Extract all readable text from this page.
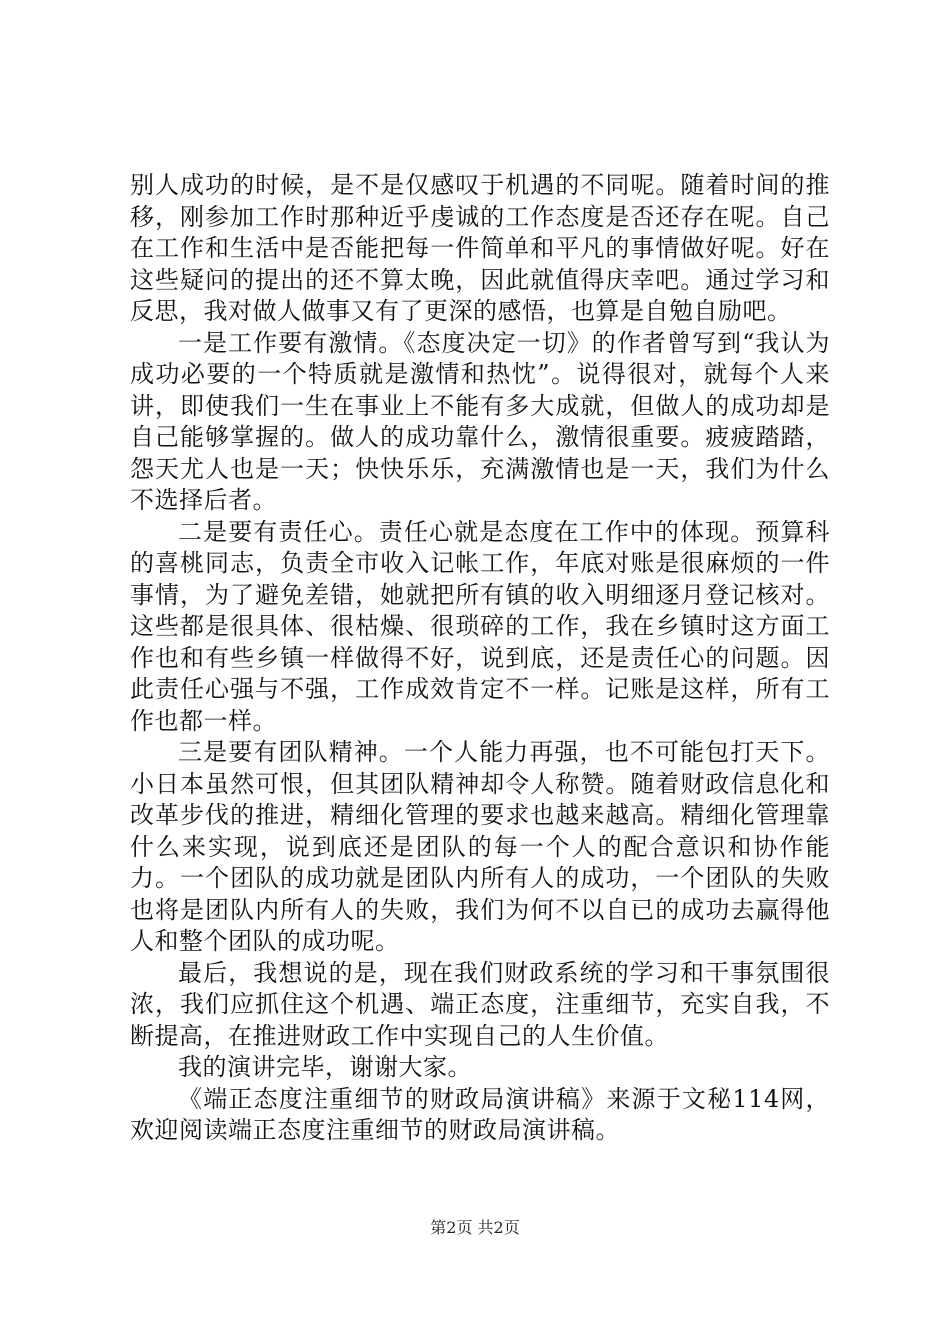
别人成功的时候，是不是仅感叹于机遇的不同呢。随着时间的推移，刚参加工作时那种近乎虔诚的工作态度是否还存在呢。自己在工作和生活中是否能把每一件简单和平凡的事情做好呢。好在这些疑问的提出的还不算太晚，因此就值得庆幸吧。通过学习和反思，我对做人做事又有了更深的感悟，也算是自勉自励吧。

一是工作要有激情。《态度决定一切》的作者曾写到“我认为成功必要的一个特质就是激情和热忱”。说得很对，就每个人来讲，即使我们一生在事业上不能有多大成就，但做人的成功却是自己能够掌握的。做人的成功靠什么，激情很重要。疲疲踏踏，怨天尤人也是一天；快快乐乐，充满激情也是一天，我们为什么不选择后者。

二是要有责任心。责任心就是态度在工作中的体现。预算科的喜桃同志，负责全市收入记帐工作，年底对账是很麻烦的一件事情，为了避免差错，她就把所有镇的收入明细逐月登记核对。这些都是很具体、很枯燥、很琐碎的工作，我在乡镇时这方面工作也和有些乡镇一样做得不好，说到底，还是责任心的问题。因此责任心强与不强，工作成效肯定不一样。记账是这样，所有工作也都一样。

三是要有团队精神。一个人能力再强，也不可能包打天下。小日本虽然可恨，但其团队精神却令人称赞。随着财政信息化和改革步伐的推进，精细化管理的要求也越来越高。精细化管理靠什么来实现，说到底还是团队的每一个人的配合意识和协作能力。一个团队的成功就是团队内所有人的成功，一个团队的失败也将是团队内所有人的失败，我们为何不以自已的成功去赢得他人和整个团队的成功呢。

最后，我想说的是，现在我们财政系统的学习和干事氛围很浓，我们应抓住这个机遇、端正态度，注重细节，充实自我，不断提高，在推进财政工作中实现自己的人生价值。

我的演讲完毕，谢谢大家。

《端正态度注重细节的财政局演讲稿》来源于文秘114网，欢迎阅读端正态度注重细节的财政局演讲稿。

第2页 共2页
